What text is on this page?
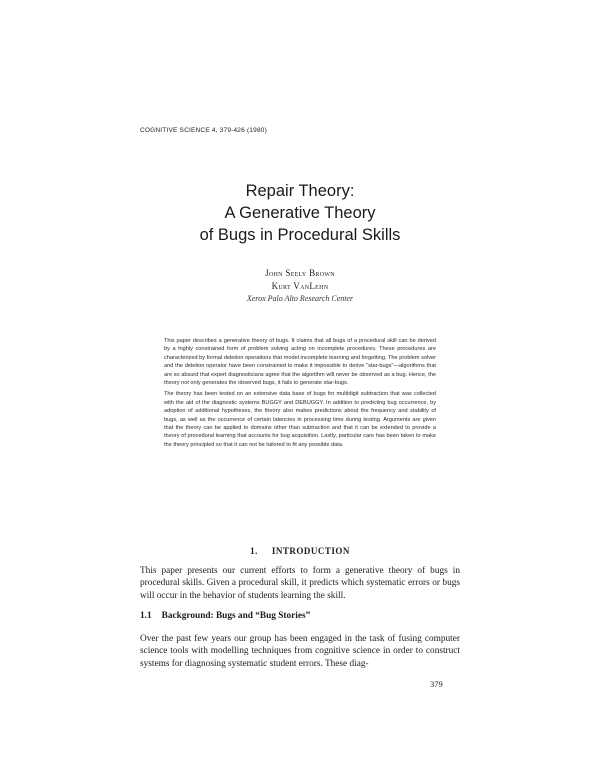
COGNITIVE SCIENCE 4, 379-426 (1980)
Repair Theory:
A Generative Theory
of Bugs in Procedural Skills
John Seely Brown
Kurt VanLehn
Xerox Palo Alto Research Center

This paper describes a generative theory of bugs. It claims that all bugs of a procedural skill can be derived by a highly constrained form of problem solving acting on incomplete procedures. These procedures are characterized by formal deletion operations that model incomplete learning and forgetting. The problem solver and the deletion operator have been constrained to make it impossible to derive "star-bugs"—algorithms that are so absurd that expert diagnosticians agree that the algorithm will never be observed as a bug. Hence, the theory not only generates the observed bugs, it fails to generate star-bugs.

The theory has been tested on an extensive data base of bugs for multidigit subtraction that was collected with the aid of the diagnostic systems BUGGY and DEBUGGY. In addition to predicting bug occurrence, by adoption of additional hypotheses, the theory also makes predictions about the frequency and stability of bugs, as well as the occurrence of certain latencies in processing time during testing. Arguments are given that the theory can be applied to domains other than subtraction and that it can be extended to provide a theory of procedural learning that accounts for bug acquisition. Lastly, particular care has been taken to make the theory principled so that it can not be tailored to fit any possible data.

1. INTRODUCTION
This paper presents our current efforts to form a generative theory of bugs in procedural skills. Given a procedural skill, it predicts which systematic errors or bugs will occur in the behavior of students learning the skill.
1.1 Background: Bugs and “Bug Stories”
Over the past few years our group has been engaged in the task of fusing computer science tools with modelling techniques from cognitive science in order to construct systems for diagnosing systematic student errors. These diag-
379
